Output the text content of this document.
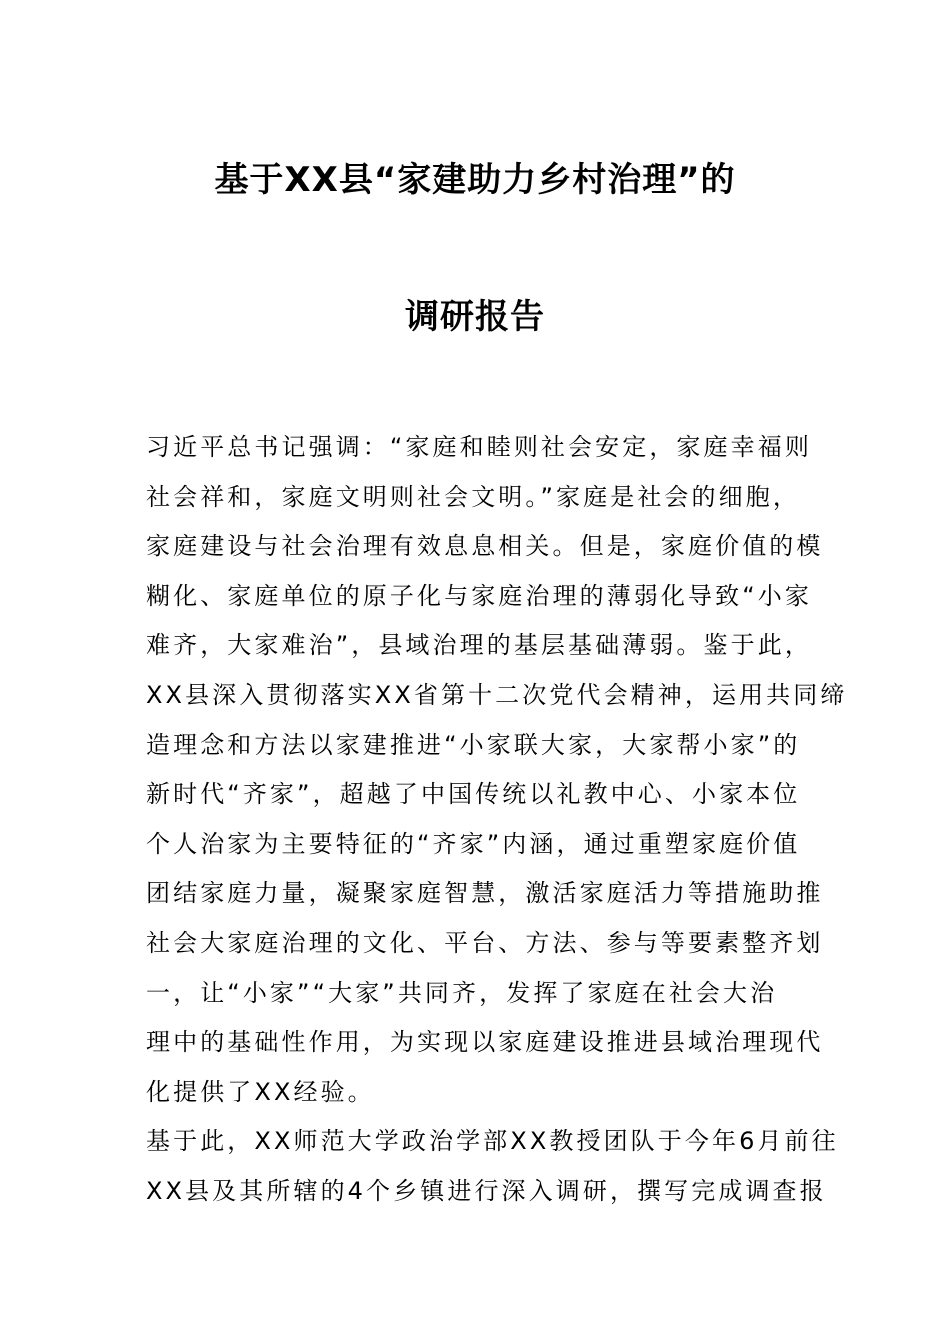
基于XX县“家建助力乡村治理”的
调研报告
习近平总书记强调：“家庭和睦则社会安定，家庭幸福则
社会祥和，家庭文明则社会文明。”家庭是社会的细胞，
家庭建设与社会治理有效息息相关。但是，家庭价值的模
糊化、家庭单位的原子化与家庭治理的薄弱化导致“小家
难齐，大家难治”，县域治理的基层基础薄弱。鉴于此，
XX县深入贯彻落实XX省第十二次党代会精神，运用共同缔
造理念和方法以家建推进“小家联大家，大家帮小家”的
新时代“齐家”，超越了中国传统以礼教中心、小家本位
个人治家为主要特征的“齐家”内涵，通过重塑家庭价值
团结家庭力量，凝聚家庭智慧，激活家庭活力等措施助推
社会大家庭治理的文化、平台、方法、参与等要素整齐划
一，让“小家”“大家”共同齐，发挥了家庭在社会大治
理中的基础性作用，为实现以家庭建设推进县域治理现代
化提供了XX经验。
基于此，XX师范大学政治学部XX教授团队于今年6月前往
XX县及其所辖的4个乡镇进行深入调研，撰写完成调查报
